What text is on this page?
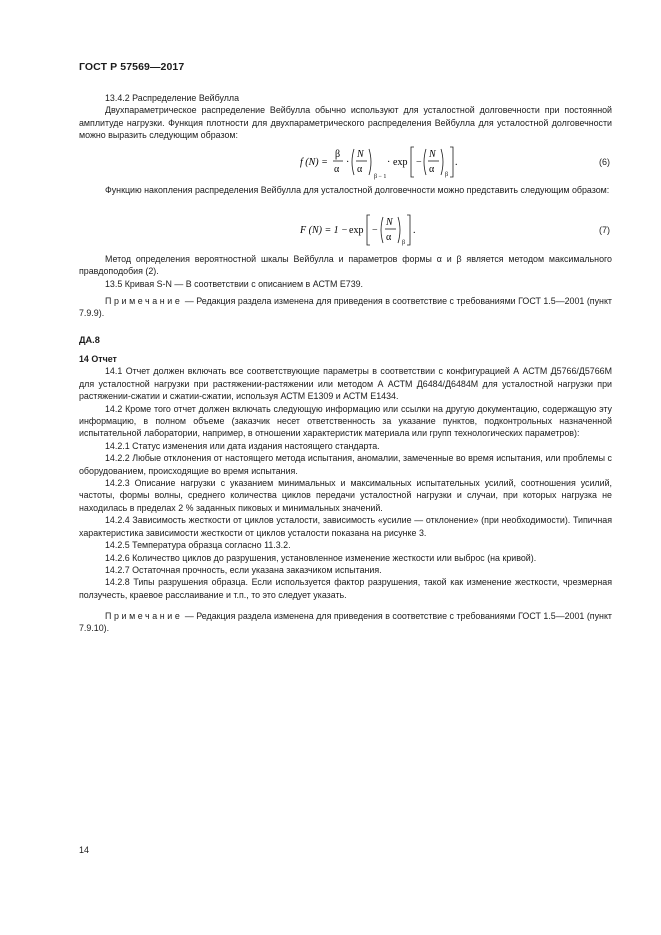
ГОСТ Р 57569—2017

13.4.2 Распределение Вейбулла

Двухпараметрическое распределение Вейбулла обычно используют для усталостной долговечности при постоянной амплитуде нагрузки. Функция плотности для двухпараметрического распределения Вейбулла для усталостной долговечности можно выразить следующим образом:

f (N) =
β
α
·
N
α
β − 1
· exp −
N
α β
.	(6)

Функцию накопления распределения Вейбулла для усталостной долговечности можно представить следующим образом:

F (N) = 1 − exp −
N
α β
.	(7)

Метод определения вероятностной шкалы Вейбулла и параметров формы α и β является методом максимального правдоподобия (2).

13.5 Кривая S-N — В соответствии с описанием в АСТМ Е739.

Примечание — Редакция раздела изменена для приведения в соответствие с требованиями ГОСТ 1.5—2001 (пункт 7.9.9).

ДА.8

14 Отчет

14.1 Отчет должен включать все соответствующие параметры в соответствии с конфигурацией А АСТМ Д5766/Д5766М для усталостной нагрузки при растяжении-растяжении или методом А АСТМ Д6484/Д6484М для усталостной нагрузки при растяжении-сжатии и сжатии-сжатии, используя АСТМ Е1309 и АСТМ Е1434.

14.2 Кроме того отчет должен включать следующую информацию или ссылки на другую документацию, содержащую эту информацию, в полном объеме (заказчик несет ответственность за указание пунктов, подконтрольных назначенной испытательной лаборатории, например, в отношении характеристик материала или групп технологических параметров):

14.2.1 Статус изменения или дата издания настоящего стандарта.

14.2.2 Любые отклонения от настоящего метода испытания, аномалии, замеченные во время испытания, или проблемы с оборудованием, происходящие во время испытания.

14.2.3 Описание нагрузки с указанием минимальных и максимальных испытательных усилий, соотношения усилий, частоты, формы волны, среднего количества циклов передачи усталостной нагрузки и случаи, при которых нагрузка не находилась в пределах 2 % заданных пиковых и минимальных значений.

14.2.4 Зависимость жесткости от циклов усталости, зависимость «усилие — отклонение» (при необходимости). Типичная характеристика зависимости жесткости от циклов усталости показана на рисунке 3.

14.2.5 Температура образца согласно 11.3.2.

14.2.6 Количество циклов до разрушения, установленное изменение жесткости или выброс (на кривой).

14.2.7 Остаточная прочность, если указана заказчиком испытания.

14.2.8 Типы разрушения образца. Если используется фактор разрушения, такой как изменение жесткости, чрезмерная ползучесть, краевое расслаивание и т.п., то это следует указать.

Примечание — Редакция раздела изменена для приведения в соответствие с требованиями ГОСТ 1.5—2001 (пункт 7.9.10).

14
